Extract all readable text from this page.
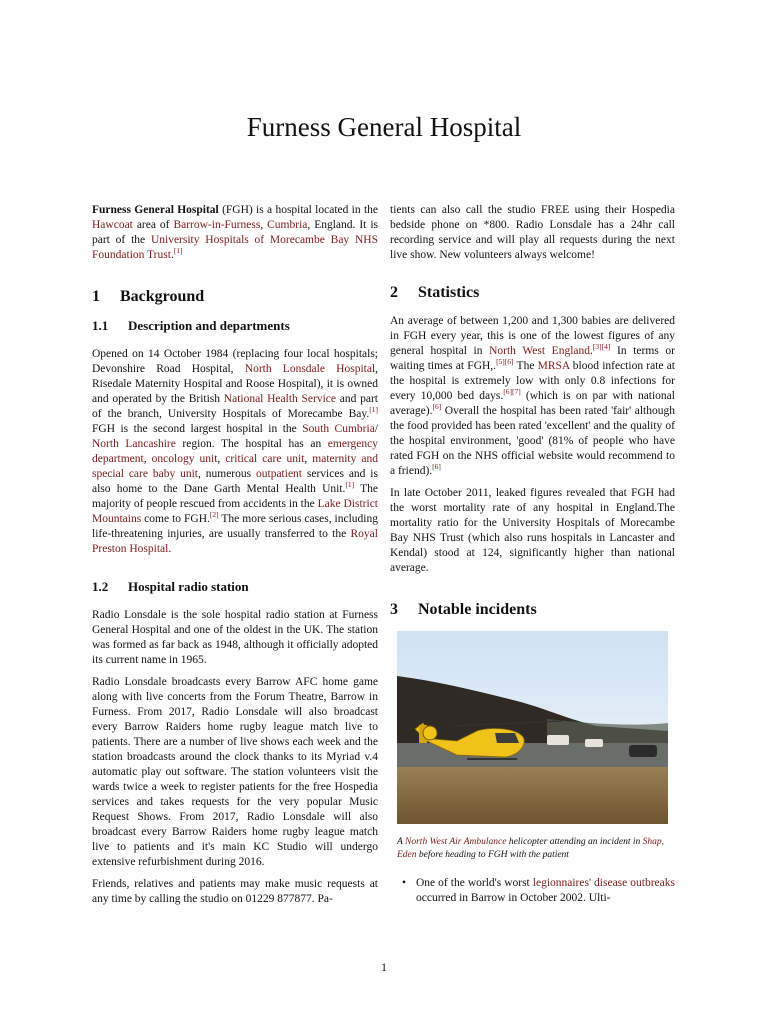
Furness General Hospital

Furness General Hospital (FGH) is a hospital located in the Hawcoat area of Barrow-in-Furness, Cumbria, England. It is part of the University Hospitals of Morecambe Bay NHS Foundation Trust.[1]

1 Background
1.1 Description and departments

Opened on 14 October 1984 (replacing four local hospitals; Devonshire Road Hospital, North Lonsdale Hospital, Risedale Maternity Hospital and Roose Hospital), it is owned and operated by the British National Health Service and part of the branch, University Hospitals of Morecambe Bay.[1] FGH is the second largest hospital in the South Cumbria/ North Lancashire region. The hospital has an emergency department, oncology unit, critical care unit, maternity and special care baby unit, numerous outpatient services and is also home to the Dane Garth Mental Health Unit.[1] The majority of people rescued from accidents in the Lake District Mountains come to FGH.[2] The more serious cases, including life-threatening injuries, are usually transferred to the Royal Preston Hospital.

1.2 Hospital radio station

Radio Lonsdale is the sole hospital radio station at Furness General Hospital and one of the oldest in the UK. The station was formed as far back as 1948, although it officially adopted its current name in 1965.

Radio Lonsdale broadcasts every Barrow AFC home game along with live concerts from the Forum Theatre, Barrow in Furness. From 2017, Radio Lonsdale will also broadcast every Barrow Raiders home rugby league match live to patients. There are a number of live shows each week and the station broadcasts around the clock thanks to its Myriad v.4 automatic play out software. The station volunteers visit the wards twice a week to register patients for the free Hospedia services and takes requests for the very popular Music Request Shows. From 2017, Radio Lonsdale will also broadcast every Barrow Raiders home rugby league match live to patients and it's main KC Studio will undergo extensive refurbishment during 2016.

Friends, relatives and patients may make music requests at any time by calling the studio on 01229 877877. Pa-

tients can also call the studio FREE using their Hospedia bedside phone on *800. Radio Lonsdale has a 24hr call recording service and will play all requests during the next live show. New volunteers always welcome!

2 Statistics

An average of between 1,200 and 1,300 babies are delivered in FGH every year, this is one of the lowest figures of any general hospital in North West England.[3][4] In terms or waiting times at FGH,.[5][6] The MRSA blood infection rate at the hospital is extremely low with only 0.8 infections for every 10,000 bed days.[6][7] (which is on par with national average).[6] Overall the hospital has been rated 'fair' although the food provided has been rated 'excellent' and the quality of the hospital environment, 'good' (81% of people who have rated FGH on the NHS official website would recommend to a friend).[6]

In late October 2011, leaked figures revealed that FGH had the worst mortality rate of any hospital in England.The mortality ratio for the University Hospitals of Morecambe Bay NHS Trust (which also runs hospitals in Lancaster and Kendal) stood at 124, significantly higher than national average.

3 Notable incidents
A North West Air Ambulance helicopter attending an incident in Shap, Eden before heading to FGH with the patient
• One of the world's worst legionnaires' disease outbreaks occurred in Barrow in October 2002. Ulti-
1
